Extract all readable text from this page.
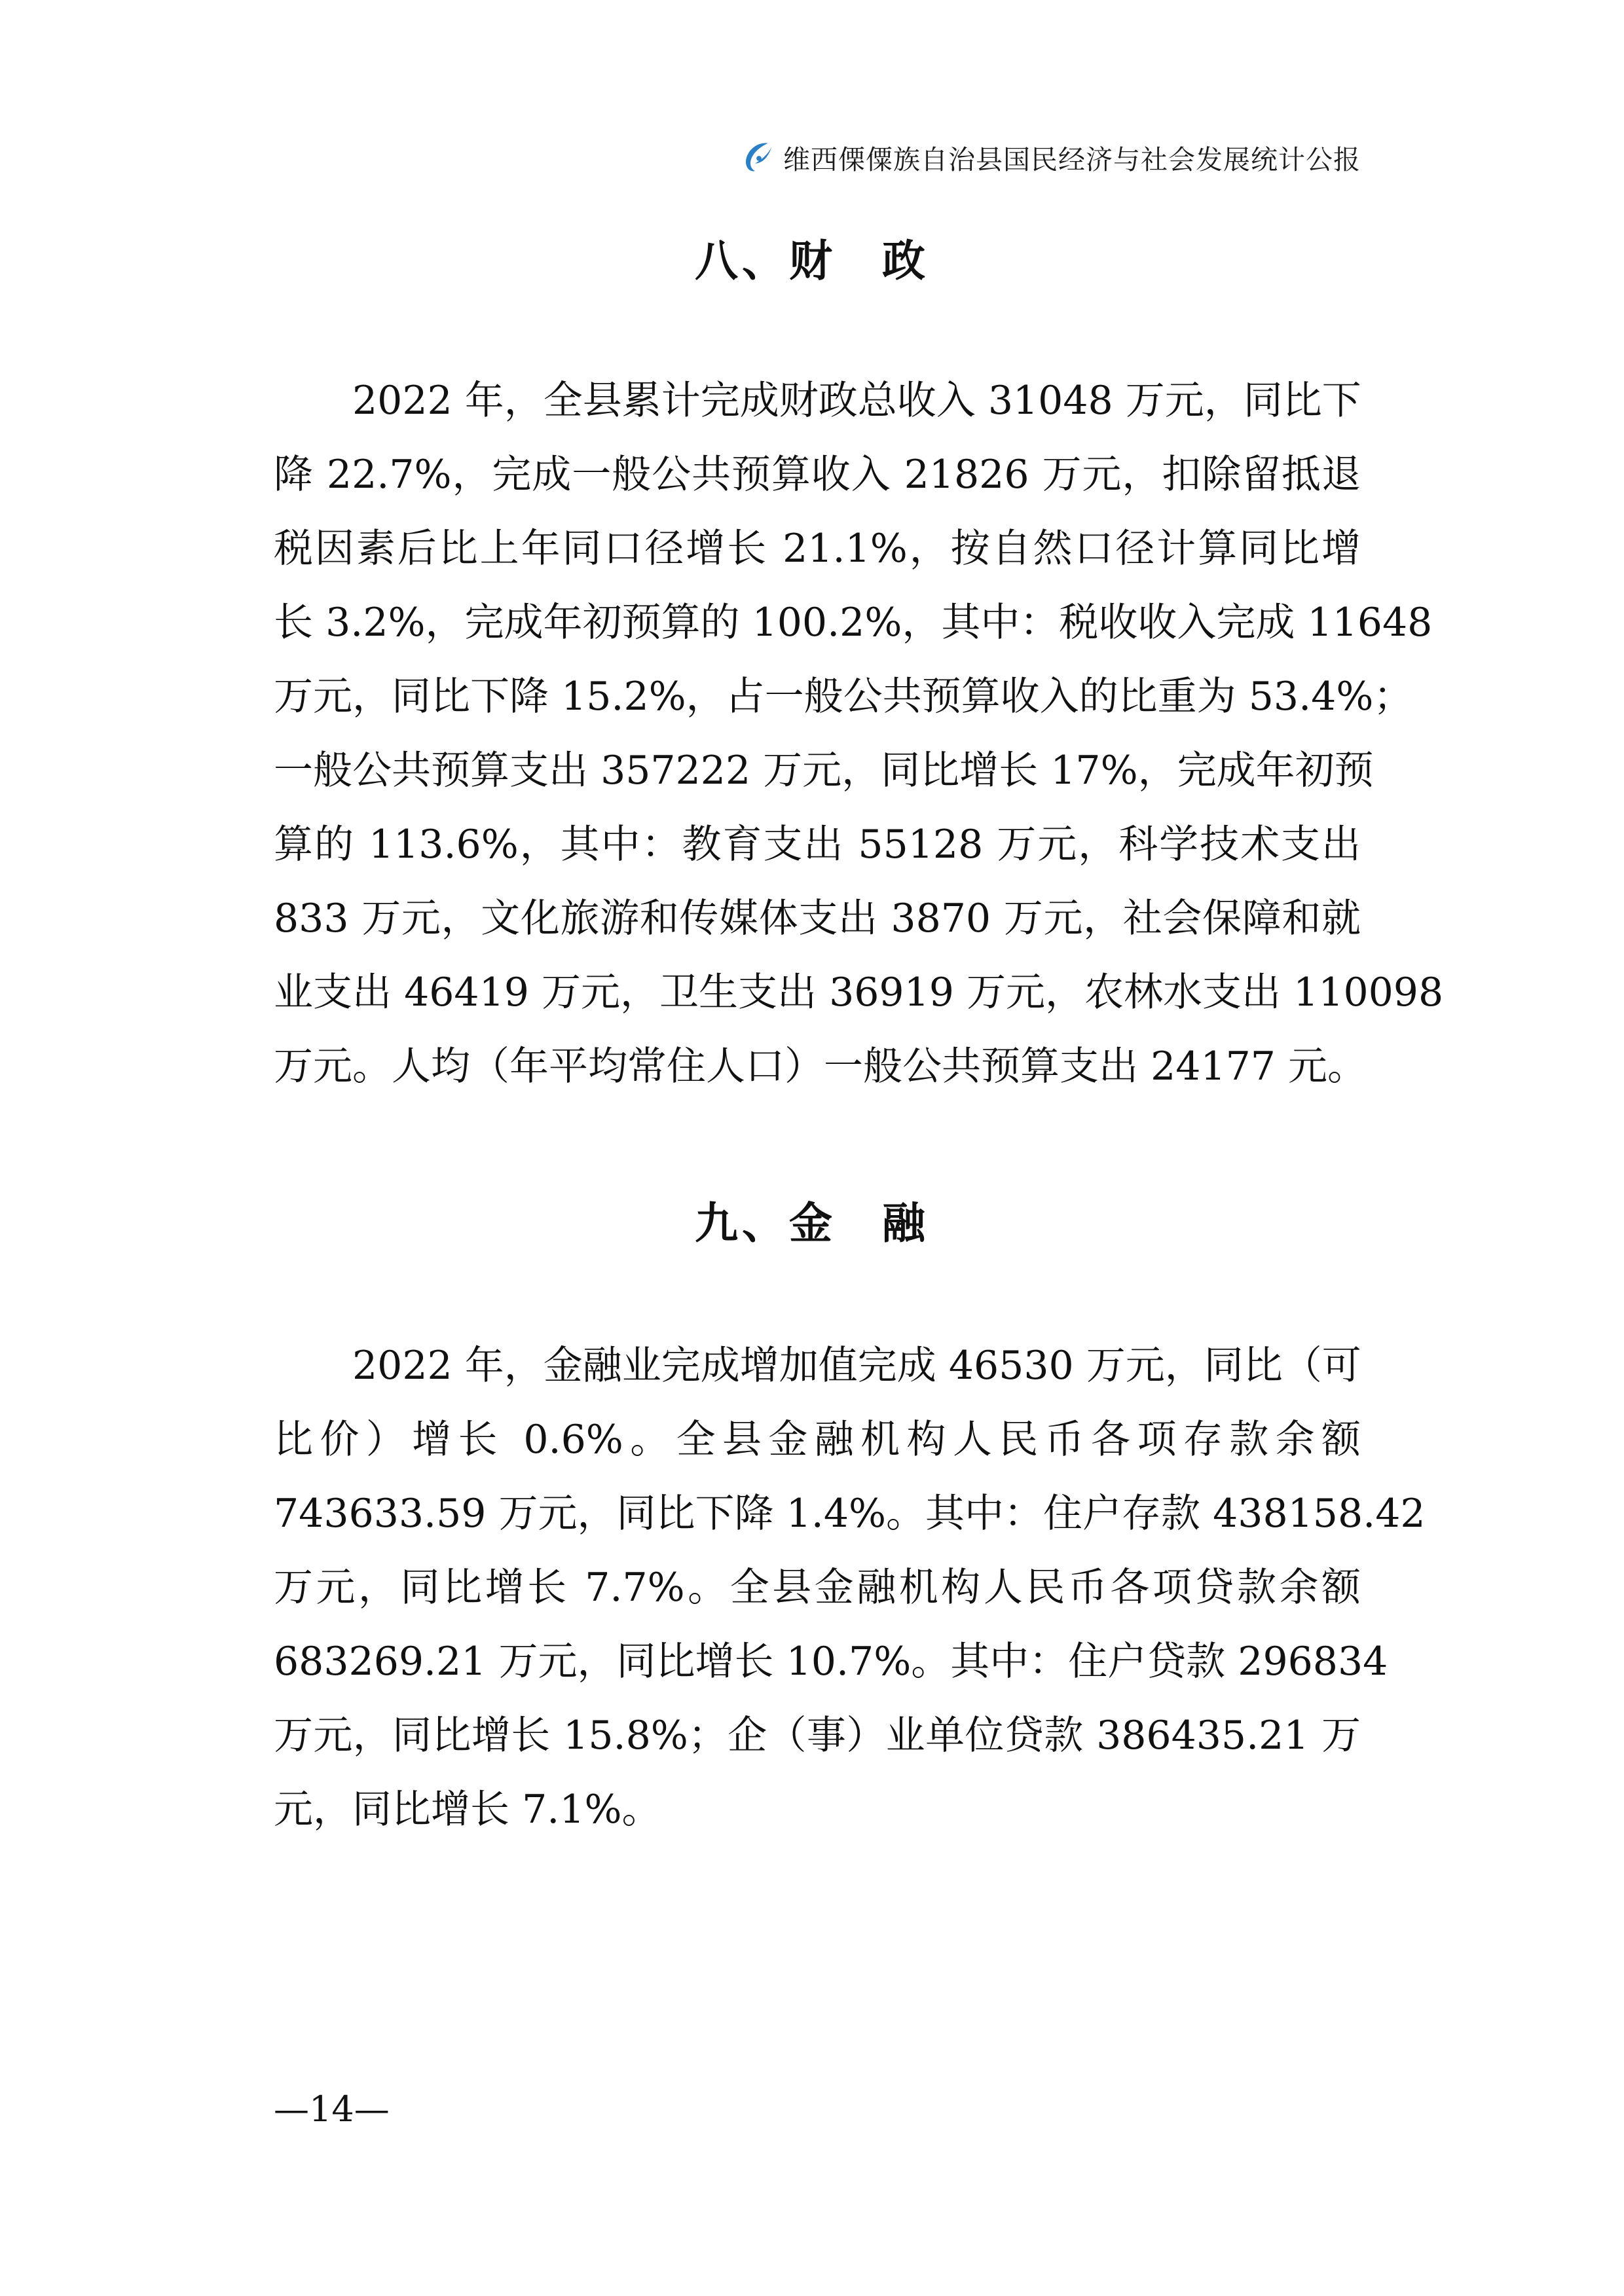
维西傈僳族自治县国民经济与社会发展统计公报
八、财 政
2022 年，全县累计完成财政总收入 31048 万元，同比下
降 22.7%，完成一般公共预算收入 21826 万元，扣除留抵退
税因素后比上年同口径增长 21.1%，按自然口径计算同比增
长 3.2%，完成年初预算的 100.2%，其中：税收收入完成 11648
万元，同比下降 15.2%，占一般公共预算收入的比重为 53.4%；
一般公共预算支出 357222 万元，同比增长 17%，完成年初预
算的 113.6%，其中：教育支出 55128 万元，科学技术支出
833 万元，文化旅游和传媒体支出 3870 万元，社会保障和就
业支出 46419 万元，卫生支出 36919 万元，农林水支出 110098
万元。人均（年平均常住人口）一般公共预算支出 24177 元。
九、金 融
2022 年，金融业完成增加值完成 46530 万元，同比（可
比价）增长 0.6%。全县金融机构人民币各项存款余额
743633.59 万元，同比下降 1.4%。其中：住户存款 438158.42
万元，同比增长 7.7%。全县金融机构人民币各项贷款余额
683269.21 万元，同比增长 10.7%。其中：住户贷款 296834
万元，同比增长 15.8%；企（事）业单位贷款 386435.21 万
元，同比增长 7.1%。
—14—
